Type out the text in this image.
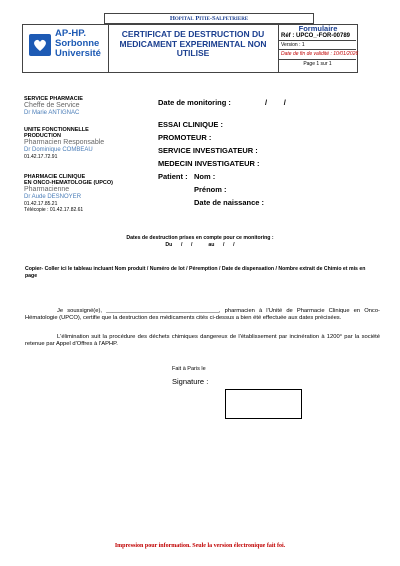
Hopital Pitie-Salpetriere
AP-HP.
Sorbonne
Université
CERTIFICAT DE DESTRUCTION DU
MEDICAMENT EXPERIMENTAL NON
UTILISE
Formulaire
Réf : UPCO_-FOR-00789
Version : 1
Date de fin de validité : 10/01/2026
Page 1 sur 1
SERVICE PHARMACIE
Cheffe de Service
Dr Marie ANTIGNAC
UNITE FONCTIONNELLE
PRODUCTION
Pharmacien Responsable
Dr Dominique COMBEAU
01.42.17.72.91
PHARMACIE CLINIQUE
EN ONCO-HEMATOLOGIE (UPCO)
Pharmacienne
Dr Aude DESNOYER
01.42.17.85.21
Télécopie : 01.42.17.82.61
Date de monitoring :	/        /
ESSAI CLINIQUE :
PROMOTEUR :
SERVICE INVESTIGATEUR :
MEDECIN INVESTIGATEUR :
Patient : Nom :
Prénom :
Date de naissance :
Dates de destruction prises en compte pour ce monitoring :
Du      /      /           au      /      /
Copier- Coller ici le tableau incluant Nom produit / Numéro de lot / Péremption / Date de dispensation / Nombre extrait de Chimio et mis en page
Je soussigné(e), ___________________________________, pharmacien à l'Unité de Pharmacie Clinique en Onco-Hématologie (UPCO), certifie que la destruction des médicaments cités ci-dessus a bien été effectuée aux dates précisées.
L'élimination suit la procédure des déchets chimiques dangereux de l'établissement par incinération à 1200° par la société retenue par Appel d'Offres à l'APHP.
Fait à Paris le
Signature :
Impression pour information. Seule la version électronique fait foi.
